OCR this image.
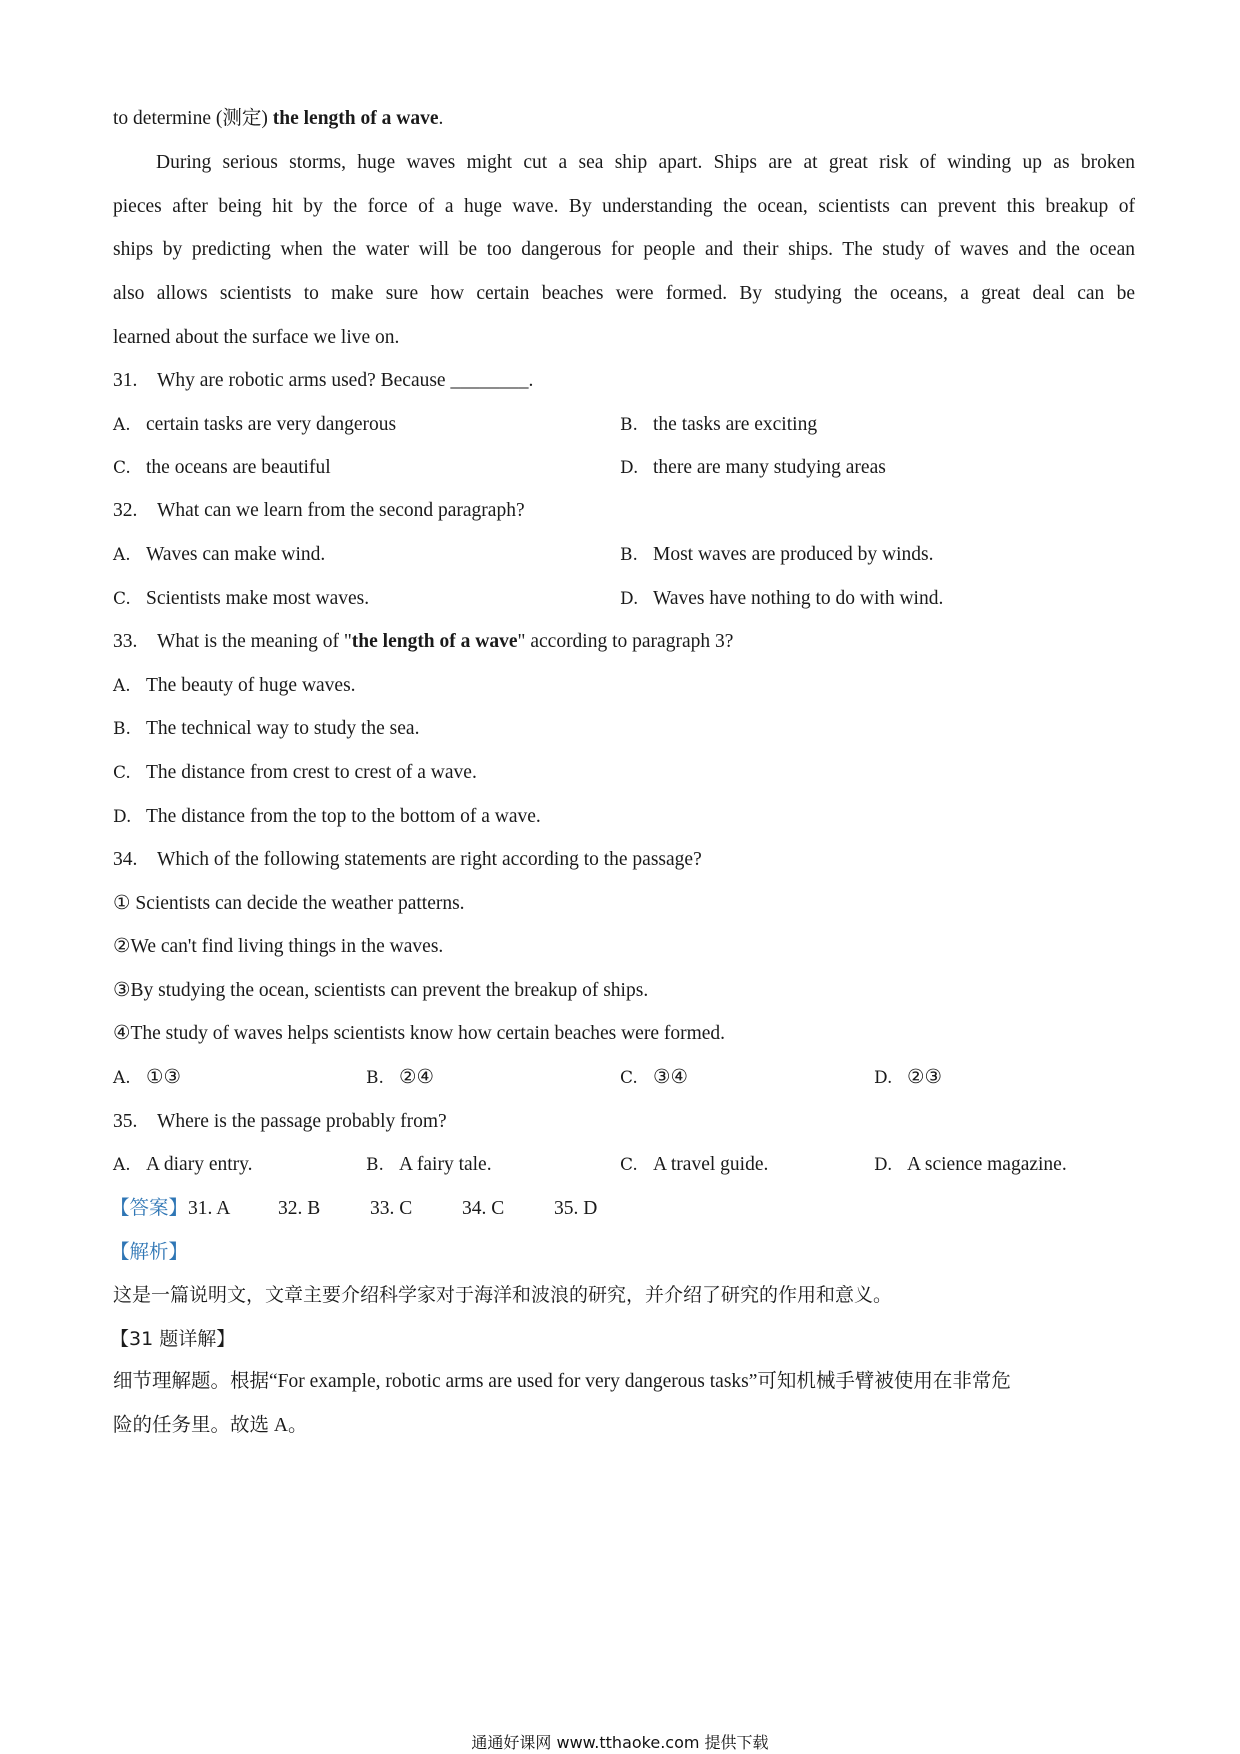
to determine (测定) the length of a wave.
During serious storms, huge waves might cut a sea ship apart. Ships are at great risk of winding up as broken
pieces after being hit by the force of a huge wave. By understanding the ocean, scientists can prevent this breakup of
ships by predicting when the water will be too dangerous for people and their ships. The study of waves and the ocean
also allows scientists to make sure how certain beaches were formed. By studying the oceans, a great deal can be
learned about the surface we live on.
31. Why are robotic arms used? Because ________.
A. certain tasks are very dangerous	B. the tasks are exciting
C. the oceans are beautiful	D. there are many studying areas
32. What can we learn from the second paragraph?
A. Waves can make wind.	B. Most waves are produced by winds.
C. Scientists make most waves.	D. Waves have nothing to do with wind.
33. What is the meaning of "the length of a wave" according to paragraph 3?
A. The beauty of huge waves.
B. The technical way to study the sea.
C. The distance from crest to crest of a wave.
D. The distance from the top to the bottom of a wave.
34. Which of the following statements are right according to the passage?
① Scientists can decide the weather patterns.
②We can't find living things in the waves.
③By studying the ocean, scientists can prevent the breakup of ships.
④The study of waves helps scientists know how certain beaches were formed.
A. ①③	B. ②④	C. ③④	D. ②③
35. Where is the passage probably from?
A. A diary entry.	B. A fairy tale.	C. A travel guide.	D. A science magazine.
【答案】31. A 32. B	33. C	34. C	35. D
【解析】
这是一篇说明文，文章主要介绍科学家对于海洋和波浪的研究，并介绍了研究的作用和意义。
【31 题详解】
细节理解题。根据“For example, robotic arms are used for very dangerous tasks”可知机械手臂被使用在非常危
险的任务里。故选 A。
通通好课网 www.tthaoke.com 提供下载
